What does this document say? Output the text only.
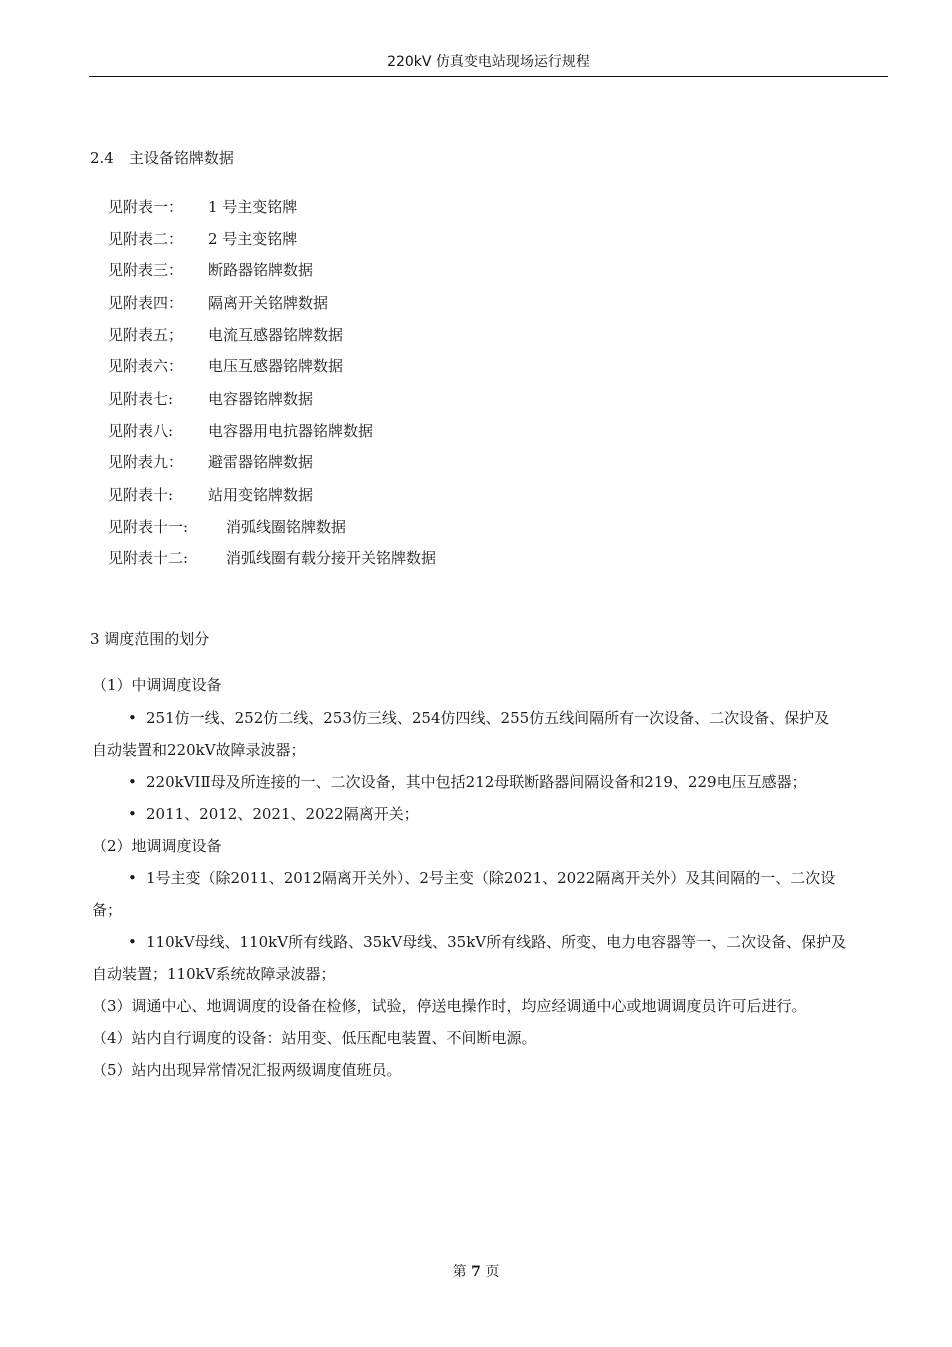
220kV 仿真变电站现场运行规程
2.4　主设备铭牌数据
见附表一： 1 号主变铭牌
见附表二： 2 号主变铭牌
见附表三： 断路器铭牌数据
见附表四： 隔离开关铭牌数据
见附表五； 电流互感器铭牌数据
见附表六： 电压互感器铭牌数据
见附表七: 电容器铭牌数据
见附表八: 电容器用电抗器铭牌数据
见附表九： 避雷器铭牌数据
见附表十: 站用变铭牌数据
见附表十一:	消弧线圈铭牌数据
见附表十二:	消弧线圈有载分接开关铭牌数据
3 调度范围的划分
（1）中调调度设备
• 251仿一线、252仿二线、253仿三线、254仿四线、255仿五线间隔所有一次设备、二次设备、保护及
自动装置和220kV故障录波器；
• 220kVⅠⅡ母及所连接的一、二次设备，其中包括212母联断路器间隔设备和219、229电压互感器；
• 2011、2012、2021、2022隔离开关；
（2）地调调度设备
• 1号主变（除2011、2012隔离开关外）、2号主变（除2021、2022隔离开关外）及其间隔的一、二次设
备；
• 110kV母线、110kV所有线路、35kV母线、35kV所有线路、所变、电力电容器等一、二次设备、保护及
自动装置；110kV系统故障录波器；
（3）调通中心、地调调度的设备在检修，试验，停送电操作时，均应经调通中心或地调调度员许可后进行。
（4）站内自行调度的设备：站用变、低压配电装置、不间断电源。
（5）站内出现异常情况汇报两级调度值班员。
第 7 页
